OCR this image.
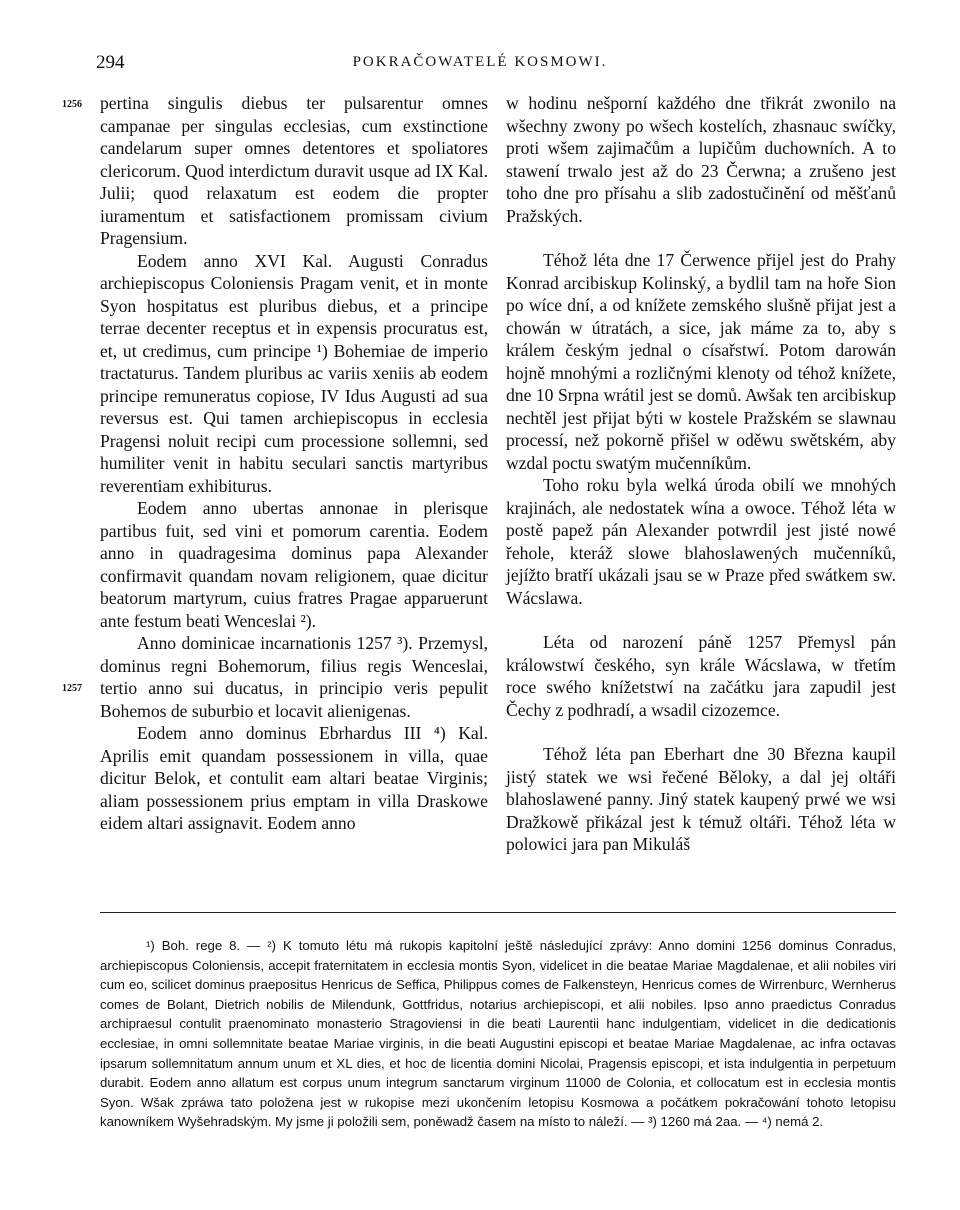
294	POKRAČOWATELÉ KOSMOWI.
1256
1257

pertina singulis diebus ter pulsarentur omnes campanae per singulas ecclesias, cum exstinctione candelarum super omnes detentores et spoliatores clericorum. Quod interdictum duravit usque ad IX Kal. Julii; quod relaxatum est eodem die propter iuramentum et satisfactionem promissam civium Pragensium.

Eodem anno XVI Kal. Augusti Conradus archiepiscopus Coloniensis Pragam venit, et in monte Syon hospitatus est pluribus diebus, et a principe terrae decenter receptus et in expensis procuratus est, et, ut credimus, cum principe ¹) Bohemiae de imperio tractaturus. Tandem pluribus ac variis xeniis ab eodem principe remuneratus copiose, IV Idus Augusti ad sua reversus est. Qui tamen archiepiscopus in ecclesia Pragensi noluit recipi cum processione sollemni, sed humiliter venit in habitu seculari sanctis martyribus reverentiam exhibiturus.

Eodem anno ubertas annonae in plerisque partibus fuit, sed vini et pomorum carentia. Eodem anno in quadragesima dominus papa Alexander confirmavit quandam novam religionem, quae dicitur beatorum martyrum, cuius fratres Pragae apparuerunt ante festum beati Wenceslai ²).

Anno dominicae incarnationis 1257 ³). Przemysl, dominus regni Bohemorum, filius regis Wenceslai, tertio anno sui ducatus, in principio veris pepulit Bohemos de suburbio et locavit alienigenas.

Eodem anno dominus Ebrhardus III ⁴) Kal. Aprilis emit quandam possessionem in villa, quae dicitur Belok, et contulit eam altari beatae Virginis; aliam possessionem prius emptam in villa Draskowe eidem altari assignavit. Eodem anno

w hodinu nešporní každého dne třikrát zwonilo na wšechny zwony po wšech kostelích, zhasnauc swíčky, proti wšem zajimačům a lupičům duchowních. A to stawení trwalo jest až do 23 Čerwna; a zrušeno jest toho dne pro přísahu a slib zadostučinění od měšťanů Pražských.

Téhož léta dne 17 Čerwence přijel jest do Prahy Konrad arcibiskup Kolinský, a bydlil tam na hoře Sion po wíce dní, a od knížete zemského slušně přijat jest a chowán w útratách, a sice, jak máme za to, aby s králem českým jednal o císařstwí. Potom darowán hojně mnohými a rozličnými klenoty od téhož knížete, dne 10 Srpna wrátil jest se domů. Awšak ten arcibiskup nechtěl jest přijat býti w kostele Pražském se slawnau processí, než pokorně přišel w oděwu swětském, aby wzdal poctu swatým mučenníkům.

Toho roku byla welká úroda obilí we mnohých krajinách, ale nedostatek wína a owoce. Téhož léta w postě papež pán Alexander potwrdil jest jisté nowé řehole, kteráž slowe blahoslawených mučenníků, jejížto bratří ukázali jsau se w Praze před swátkem sw. Wácslawa.

Léta od narození páně 1257 Přemysl pán králowstwí českého, syn krále Wácslawa, w třetím roce swého knížetstwí na začátku jara zapudil jest Čechy z podhradí, a wsadil cizozemce.

Téhož léta pan Eberhart dne 30 Března kaupil jistý statek we wsi řečené Běloky, a dal jej oltáři blahoslawené panny. Jiný statek kaupený prwé we wsi Dražkowě přikázal jest k témuž oltáři. Téhož léta w polowici jara pan Mikuláš

¹) Boh. rege 8. — ²) K tomuto létu má rukopis kapitolní ještě následující zprávy: Anno domini 1256 dominus Conradus, archiepiscopus Coloniensis, accepit fraternitatem in ecclesia montis Syon, videlicet in die beatae Mariae Magdalenae, et alii nobiles viri cum eo, scilicet dominus praepositus Henricus de Seffica, Philippus comes de Falkensteyn, Henricus comes de Wirrenburc, Wernherus comes de Bolant, Dietrich nobilis de Milendunk, Gottfridus, notarius archiepiscopi, et alii nobiles. Ipso anno praedictus Conradus archipraesul contulit praenominato monasterio Stragoviensi in die beati Laurentii hanc indulgentiam, videlicet in die dedicationis ecclesiae, in omni sollemnitate beatae Mariae virginis, in die beati Augustini episcopi et beatae Mariae Magdalenae, ac infra octavas ipsarum sollemnitatum annum unum et XL dies, et hoc de licentia domini Nicolai, Pragensis episcopi, et ista indulgentia in perpetuum durabit. Eodem anno allatum est corpus unum integrum sanctarum virginum 11000 de Colonia, et collocatum est in ecclesia montis Syon. Wšak zpráwa tato položena jest w rukopise mezi ukončením letopisu Kosmowa a počátkem pokračowání tohoto letopisu kanowníkem Wyšehradským. My jsme ji položili sem, poněwadž časem na místo to náleží. — ³) 1260 má 2aa. — ⁴) nemá 2.
